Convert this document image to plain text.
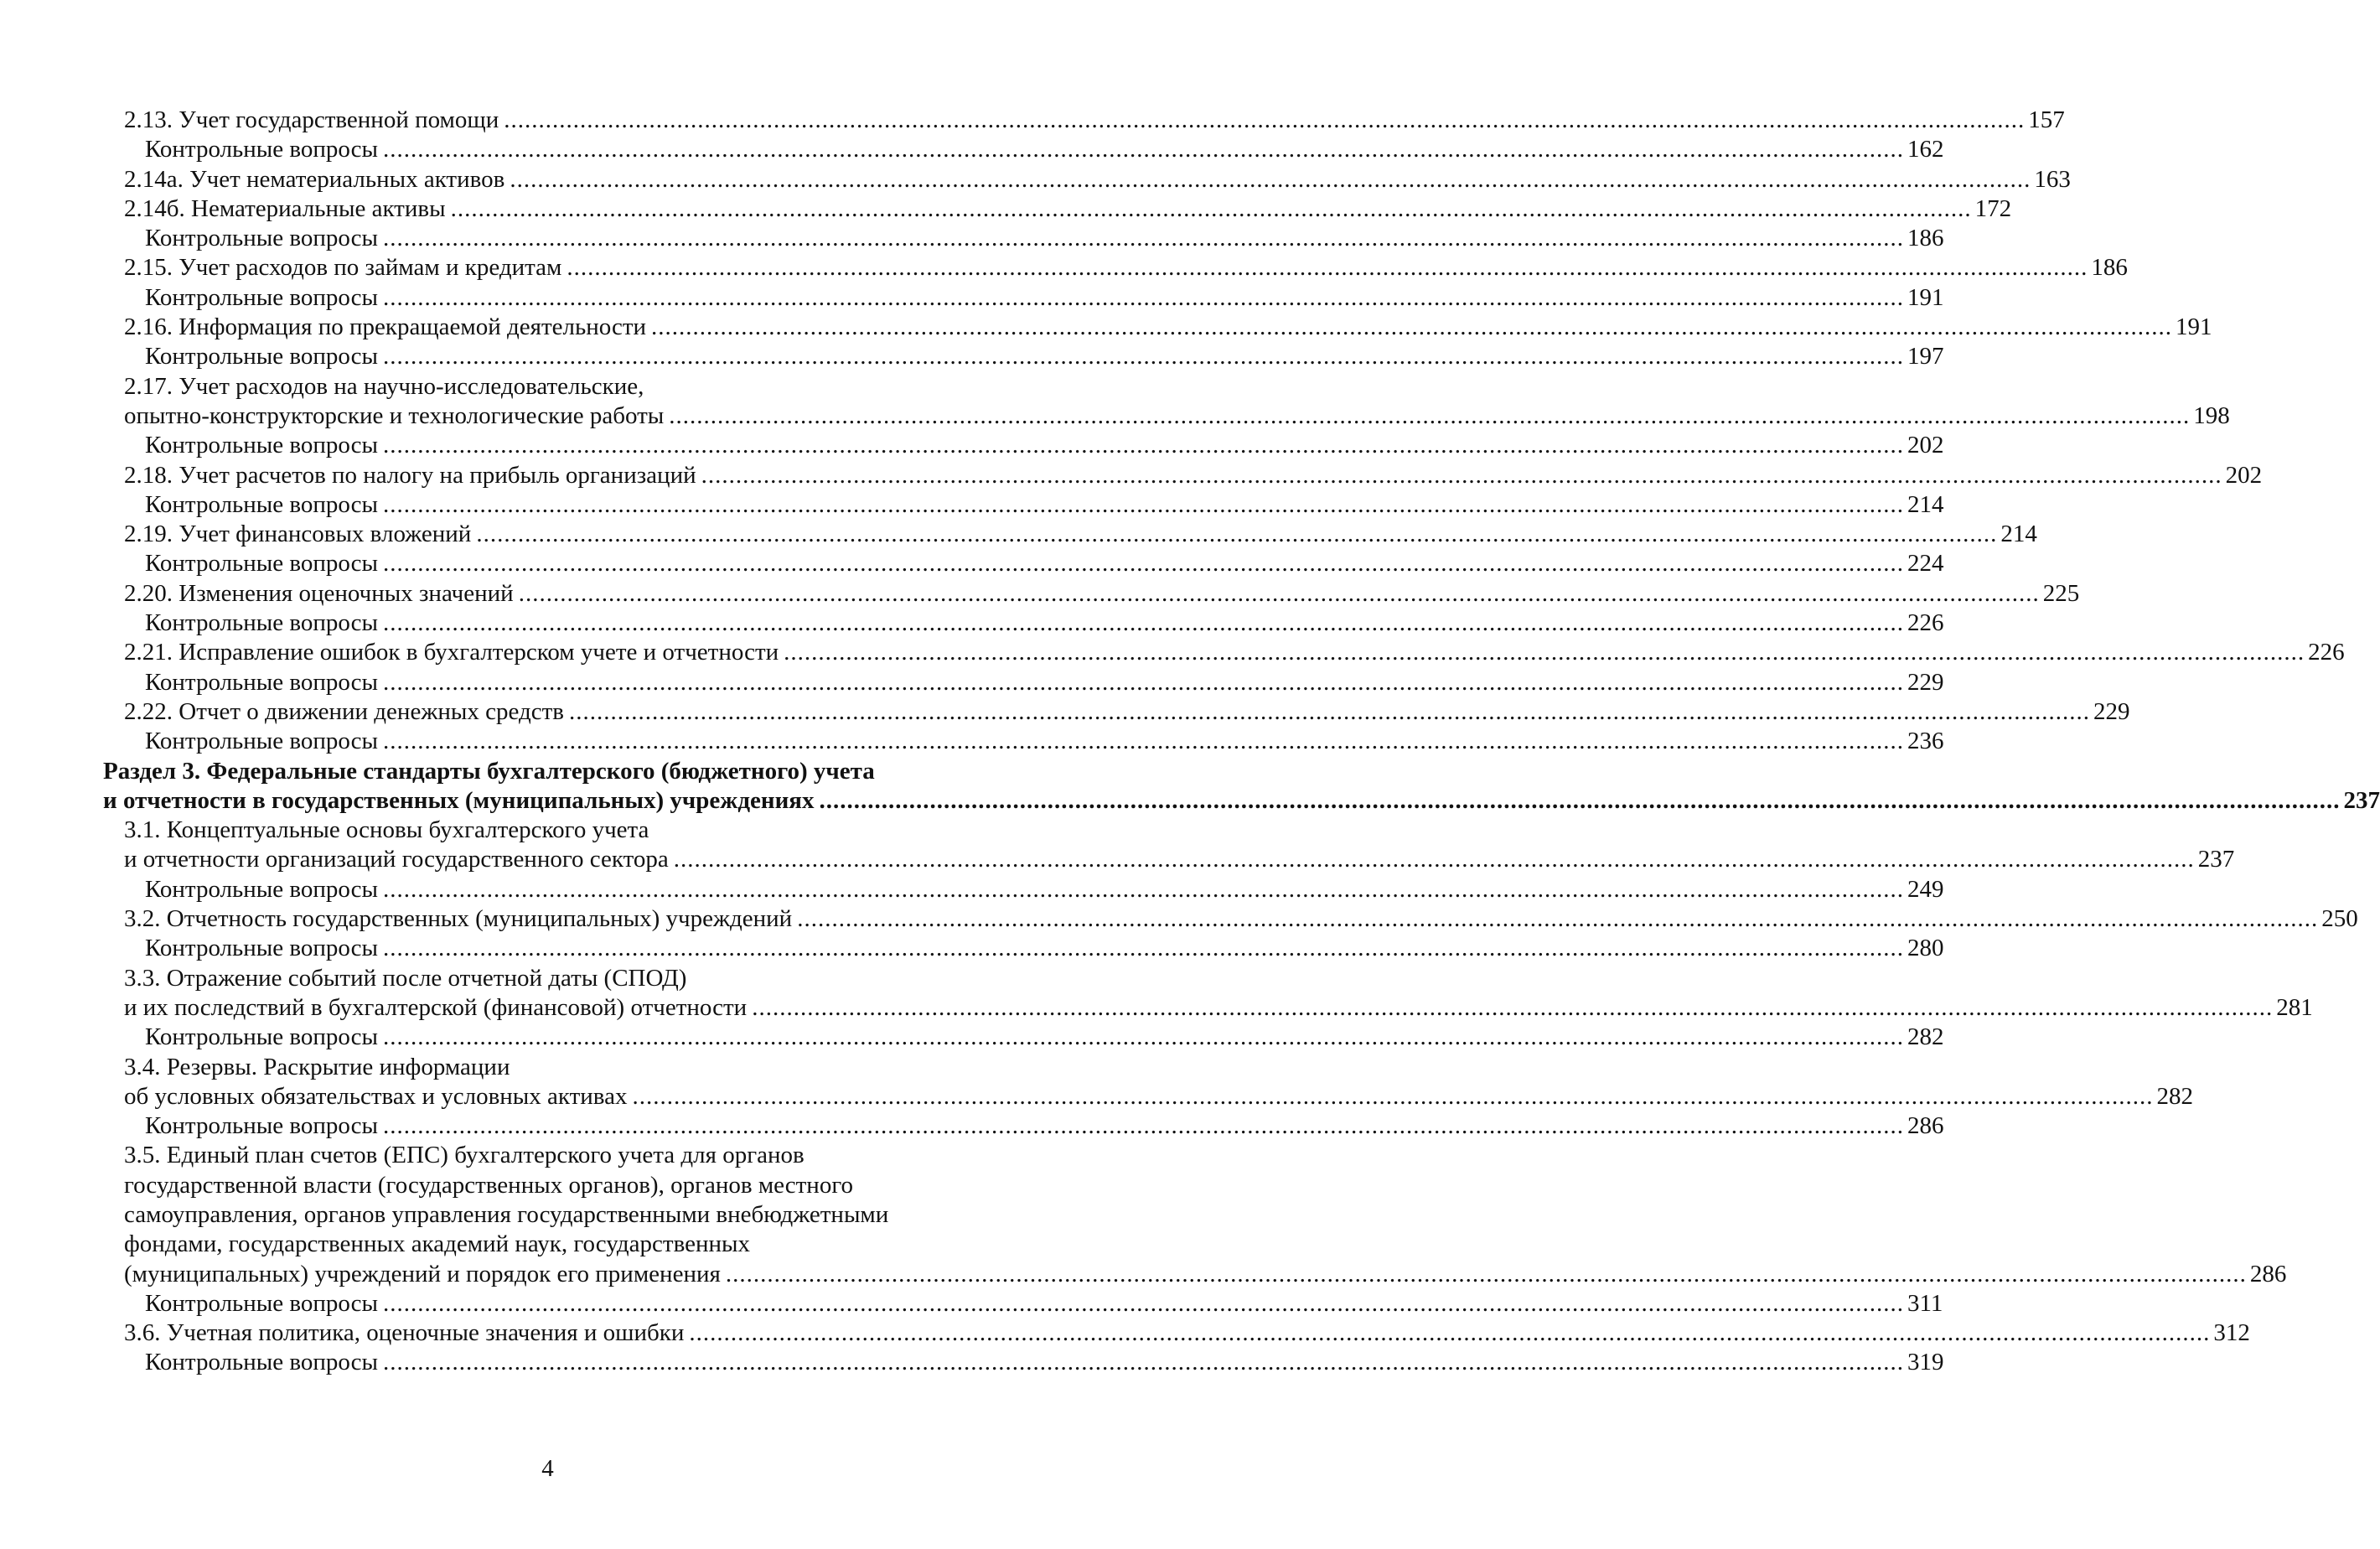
2.13. Учет государственной помощи ............................................................................................................................................................................................................................ 157
Контрольные вопросы ............................................................................................................................................................................................................................ 162
2.14а. Учет нематериальных активов ............................................................................................................................................................................................................................ 163
2.14б. Нематериальные активы ............................................................................................................................................................................................................................ 172
Контрольные вопросы ............................................................................................................................................................................................................................ 186
2.15. Учет расходов по займам и кредитам ............................................................................................................................................................................................................................ 186
Контрольные вопросы ............................................................................................................................................................................................................................ 191
2.16. Информация по прекращаемой деятельности ............................................................................................................................................................................................................................ 191
Контрольные вопросы ............................................................................................................................................................................................................................ 197
2.17. Учет расходов на научно-исследовательские,
опытно-конструкторские и технологические работы ............................................................................................................................................................................................................................ 198
Контрольные вопросы ............................................................................................................................................................................................................................ 202
2.18. Учет расчетов по налогу на прибыль организаций ............................................................................................................................................................................................................................ 202
Контрольные вопросы ............................................................................................................................................................................................................................ 214
2.19. Учет финансовых вложений ............................................................................................................................................................................................................................ 214
Контрольные вопросы ............................................................................................................................................................................................................................ 224
2.20. Изменения оценочных значений ............................................................................................................................................................................................................................ 225
Контрольные вопросы ............................................................................................................................................................................................................................ 226
2.21. Исправление ошибок в бухгалтерском учете и отчетности ............................................................................................................................................................................................................................ 226
Контрольные вопросы ............................................................................................................................................................................................................................ 229
2.22. Отчет о движении денежных средств ............................................................................................................................................................................................................................ 229
Контрольные вопросы ............................................................................................................................................................................................................................ 236
Раздел 3. Федеральные стандарты бухгалтерского (бюджетного) учета
и отчетности в государственных (муниципальных) учреждениях ............................................................................................................................................................................................................................ 237
3.1. Концептуальные основы бухгалтерского учета
и отчетности организаций государственного сектора ............................................................................................................................................................................................................................ 237
Контрольные вопросы ............................................................................................................................................................................................................................ 249
3.2. Отчетность государственных (муниципальных) учреждений ............................................................................................................................................................................................................................ 250
Контрольные вопросы ............................................................................................................................................................................................................................ 280
3.3. Отражение событий после отчетной даты (СПОД)
и их последствий в бухгалтерской (финансовой) отчетности ............................................................................................................................................................................................................................ 281
Контрольные вопросы ............................................................................................................................................................................................................................ 282
3.4. Резервы. Раскрытие информации
об условных обязательствах и условных активах ............................................................................................................................................................................................................................ 282
Контрольные вопросы ............................................................................................................................................................................................................................ 286
3.5. Единый план счетов (ЕПС) бухгалтерского учета для органов
государственной власти (государственных органов), органов местного
самоуправления, органов управления государственными внебюджетными
фондами, государственных академий наук, государственных
(муниципальных) учреждений и порядок его применения ............................................................................................................................................................................................................................ 286
Контрольные вопросы ............................................................................................................................................................................................................................ 311
3.6. Учетная политика, оценочные значения и ошибки ............................................................................................................................................................................................................................ 312
Контрольные вопросы ............................................................................................................................................................................................................................ 319
4
